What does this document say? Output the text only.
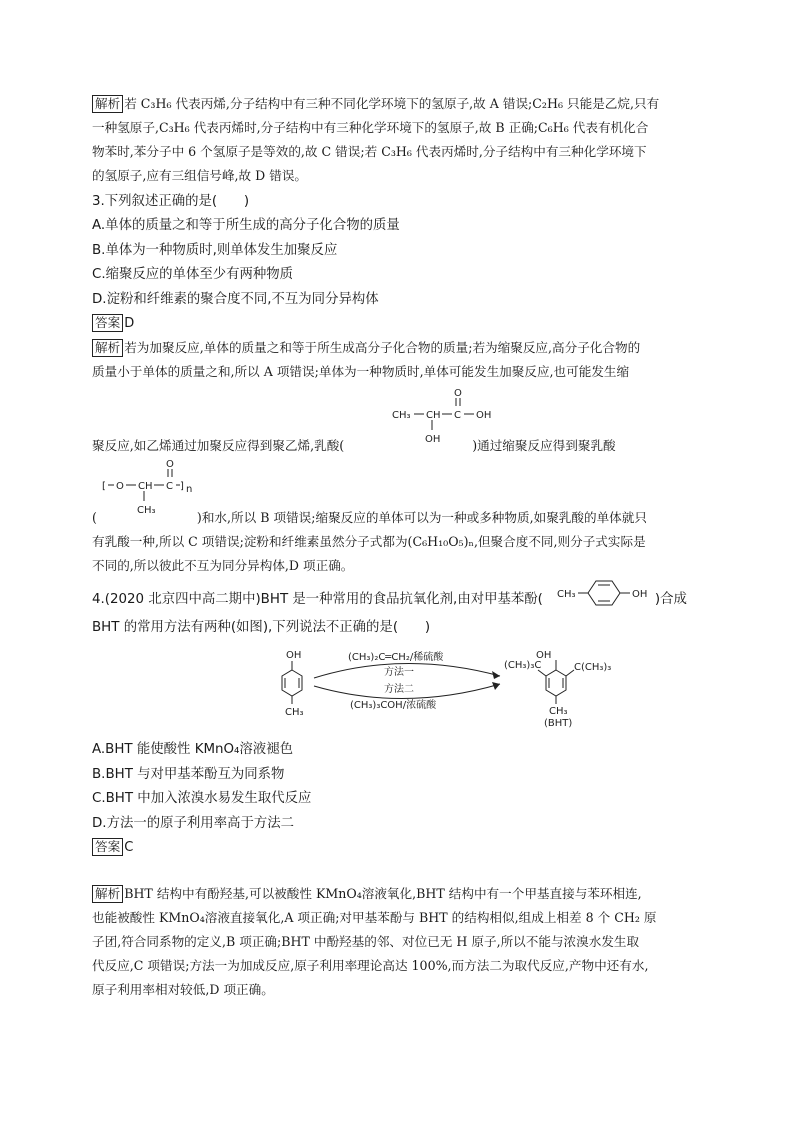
解析 若 C₃H₆ 代表丙烯,分子结构中有三种不同化学环境下的氢原子,故 A 错误;C₂H₆ 只能是乙烷,只有

一种氢原子,C₃H₆ 代表丙烯时,分子结构中有三种化学环境下的氢原子,故 B 正确;C₆H₆ 代表有机化合

物苯时,苯分子中 6 个氢原子是等效的,故 C 错误;若 C₃H₆ 代表丙烯时,分子结构中有三种化学环境下

的氢原子,应有三组信号峰,故 D 错误。

3.下列叙述正确的是(　　)

A.单体的质量之和等于所生成的高分子化合物的质量

B.单体为一种物质时,则单体发生加聚反应

C.缩聚反应的单体至少有两种物质

D.淀粉和纤维素的聚合度不同,不互为同分异构体

答案 D

解析 若为加聚反应,单体的质量之和等于所生成高分子化合物的质量;若为缩聚反应,高分子化合物的

质量小于单体的质量之和,所以 A 项错误;单体为一种物质时,单体可能发生加聚反应,也可能发生缩

CH₃ CH C OH
O
OH

聚反应,如乙烯通过加聚反应得到聚乙烯,乳酸(	)通过缩聚反应得到聚乳酸

[ O CH C
O
] n
CH₃

(	)和水,所以 B 项错误;缩聚反应的单体可以为一种或多种物质,如聚乳酸的单体就只

有乳酸一种,所以 C 项错误;淀粉和纤维素虽然分子式都为(C₆H₁₀O₅)ₙ,但聚合度不同,则分子式实际是

不同的,所以彼此不互为同分异构体,D 项正确。

4.(2020 北京四中高二期中)BHT 是一种常用的食品抗氧化剂,由对甲基苯酚(	)合成

BHT 的常用方法有两种(如图),下列说法不正确的是(　　)

CH₃	OH
OH
CH₃
(CH₃)₂C═CH₂/稀硫酸
方法一
方法二
(CH₃)₃COH/浓硫酸
(CH₃)₃C
OH
C(CH₃)₃
CH₃
(BHT)

A.BHT 能使酸性 KMnO₄溶液褪色

B.BHT 与对甲基苯酚互为同系物

C.BHT 中加入浓溴水易发生取代反应

D.方法一的原子利用率高于方法二

答案 C

解析 BHT 结构中有酚羟基,可以被酸性 KMnO₄溶液氧化,BHT 结构中有一个甲基直接与苯环相连,

也能被酸性 KMnO₄溶液直接氧化,A 项正确;对甲基苯酚与 BHT 的结构相似,组成上相差 8 个 CH₂ 原

子团,符合同系物的定义,B 项正确;BHT 中酚羟基的邻、对位已无 H 原子,所以不能与浓溴水发生取

代反应,C 项错误;方法一为加成反应,原子利用率理论高达 100%,而方法二为取代反应,产物中还有水,

原子利用率相对较低,D 项正确。
